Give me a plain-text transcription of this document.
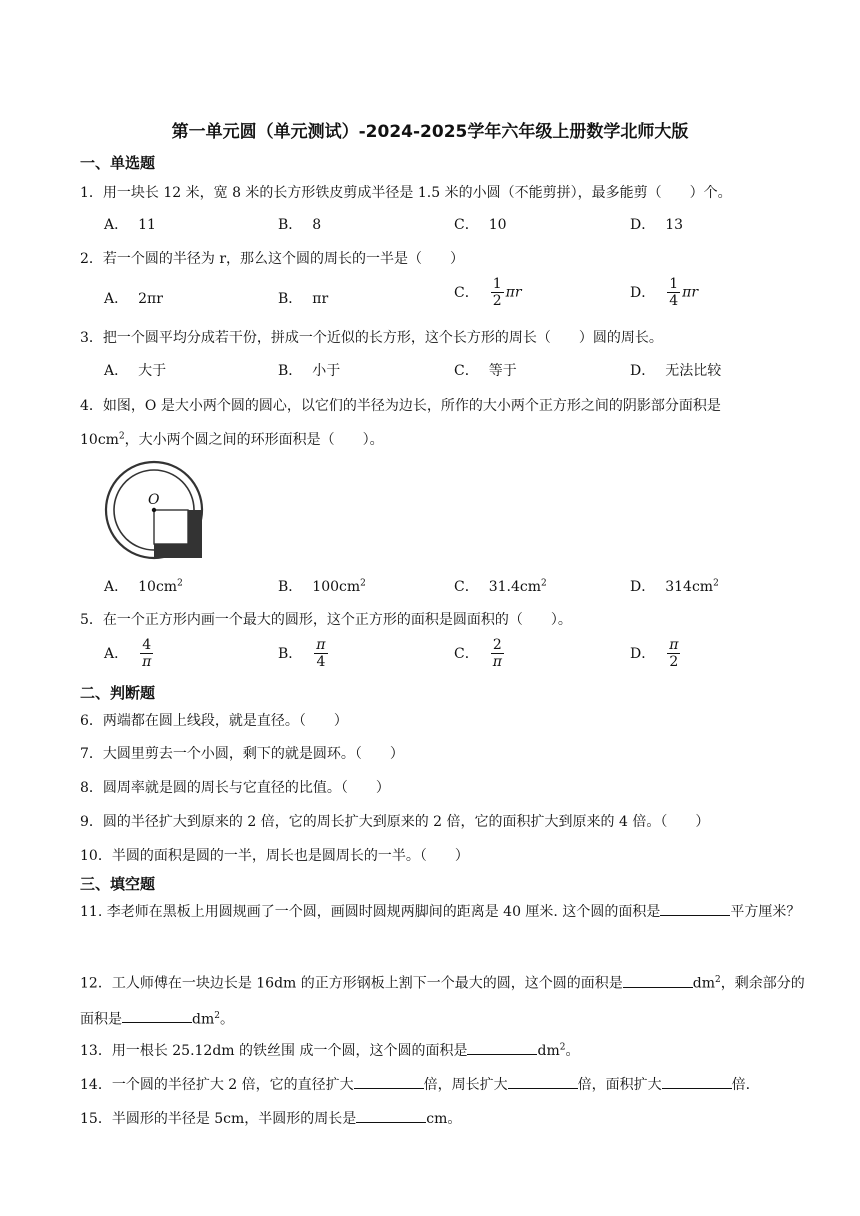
第一单元圆（单元测试）-2024-2025学年六年级上册数学北师大版
一、单选题
1．用一块长 12 米，宽 8 米的长方形铁皮剪成半径是 1.5 米的小圆（不能剪拼），最多能剪（　　）个。
A． 11	B． 8	C． 10	D． 13
2．若一个圆的半径为 r，那么这个圆的周长的一半是（　　）
A． 2πr	B． πr	C． $\frac{1}{2}$ πr	D． $\frac{1}{4}$ πr
3．把一个圆平均分成若干份，拼成一个近似的长方形，这个长方形的周长（　　）圆的周长。
A． 大于	B． 小于	C． 等于	D． 无法比较
4．如图，O 是大小两个圆的圆心，以它们的半径为边长，所作的大小两个正方形之间的阴影部分面积是
$10cm^2$，大小两个圆之间的环形面积是（　　）。
O
A． $10cm^2$	B． $100cm^2$	C． $31.4cm^2$	D． $314cm^2$
5．在一个正方形内画一个最大的圆形，这个正方形的面积是圆面积的（　　）。
A． $\frac{4}{\pi}$	B． $\frac{\pi}{4}$	C． $\frac{2}{\pi}$	D． $\frac{\pi}{2}$
二、判断题
6．两端都在圆上线段，就是直径。（　　）
7．大圆里剪去一个小圆，剩下的就是圆环。（　　）
8．圆周率就是圆的周长与它直径的比值。（　　）
9．圆的半径扩大到原来的 2 倍，它的周长扩大到原来的 2 倍，它的面积扩大到原来的 4 倍。（　　）
10．半圆的面积是圆的一半，周长也是圆周长的一半。（　　）
三、填空题
11. 李老师在黑板上用圆规画了一个圆，画圆时圆规两脚间的距离是 40 厘米. 这个圆的面积是	平方厘米？
12．工人师傅在一块边长是 16dm 的正方形钢板上割下一个最大的圆，这个圆的面积是	$dm^2$，剩余部分的面积是	$dm^2$。
13．用一根长 25.12dm 的铁丝围 成一个圆，这个圆的面积是	$dm^2$。
14．一个圆的半径扩大 2 倍，它的直径扩大	倍，周长扩大	倍，面积扩大	倍.
15．半圆形的半径是 5cm，半圆形的周长是	cm。
